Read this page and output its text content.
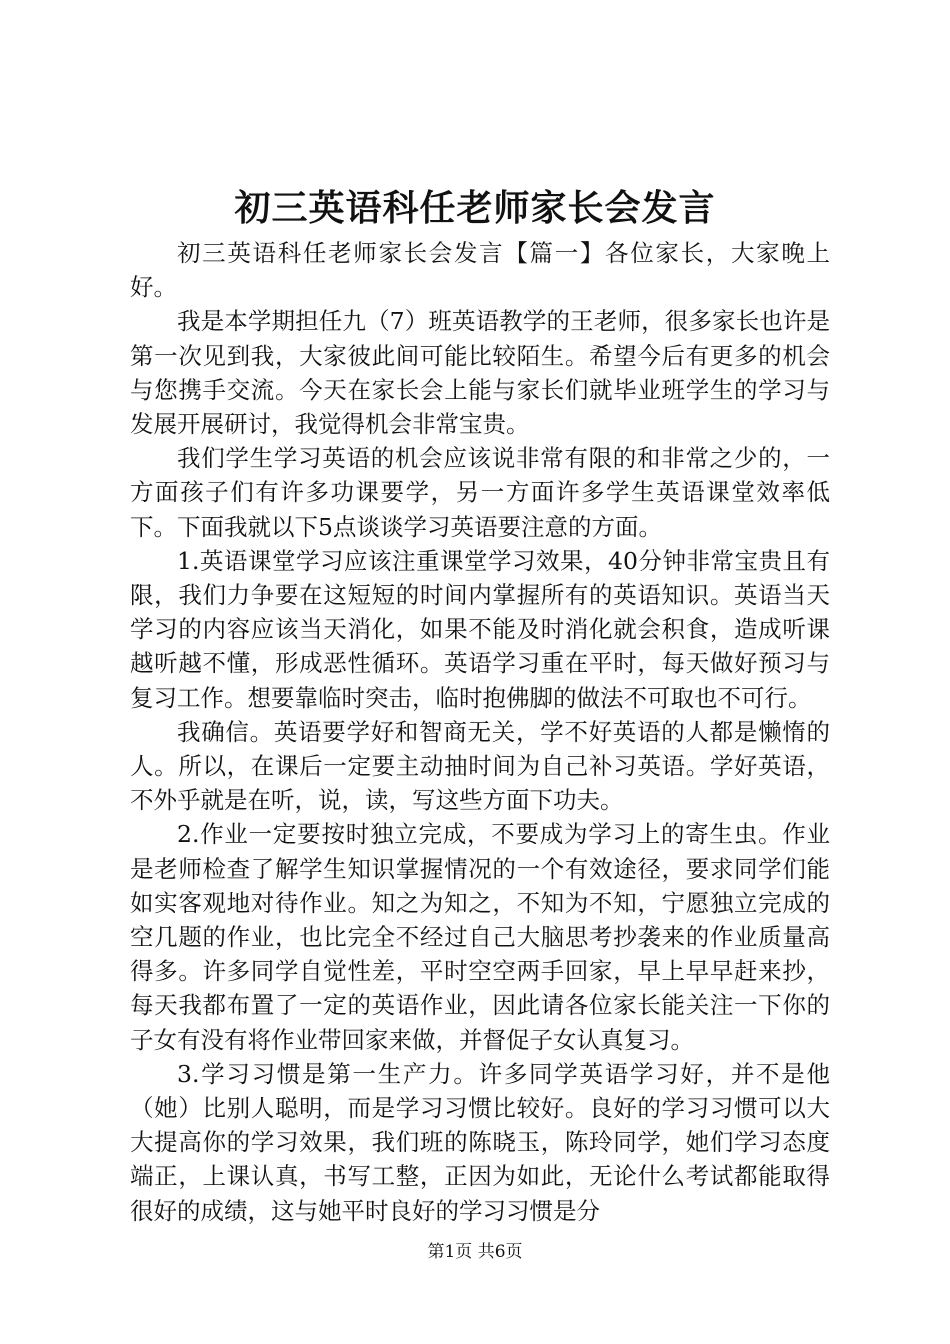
初三英语科任老师家长会发言

初三英语科任老师家长会发言【篇一】各位家长，大家晚上好。

我是本学期担任九（7）班英语教学的王老师，很多家长也许是第一次见到我，大家彼此间可能比较陌生。希望今后有更多的机会与您携手交流。今天在家长会上能与家长们就毕业班学生的学习与发展开展研讨，我觉得机会非常宝贵。

我们学生学习英语的机会应该说非常有限的和非常之少的，一方面孩子们有许多功课要学，另一方面许多学生英语课堂效率低下。下面我就以下5点谈谈学习英语要注意的方面。

1.英语课堂学习应该注重课堂学习效果，40分钟非常宝贵且有限，我们力争要在这短短的时间内掌握所有的英语知识。英语当天学习的内容应该当天消化，如果不能及时消化就会积食，造成听课越听越不懂，形成恶性循环。英语学习重在平时，每天做好预习与复习工作。想要靠临时突击，临时抱佛脚的做法不可取也不可行。

我确信。英语要学好和智商无关，学不好英语的人都是懒惰的人。所以，在课后一定要主动抽时间为自己补习英语。学好英语，不外乎就是在听，说，读，写这些方面下功夫。

2.作业一定要按时独立完成，不要成为学习上的寄生虫。作业是老师检查了解学生知识掌握情况的一个有效途径，要求同学们能如实客观地对待作业。知之为知之，不知为不知，宁愿独立完成的空几题的作业，也比完全不经过自己大脑思考抄袭来的作业质量高得多。许多同学自觉性差，平时空空两手回家，早上早早赶来抄，每天我都布置了一定的英语作业，因此请各位家长能关注一下你的子女有没有将作业带回家来做，并督促子女认真复习。

3.学习习惯是第一生产力。许多同学英语学习好，并不是他（她）比别人聪明，而是学习习惯比较好。良好的学习习惯可以大大提高你的学习效果，我们班的陈晓玉，陈玲同学，她们学习态度端正，上课认真，书写工整，正因为如此，无论什么考试都能取得很好的成绩，这与她平时良好的学习习惯是分

第1页 共6页
